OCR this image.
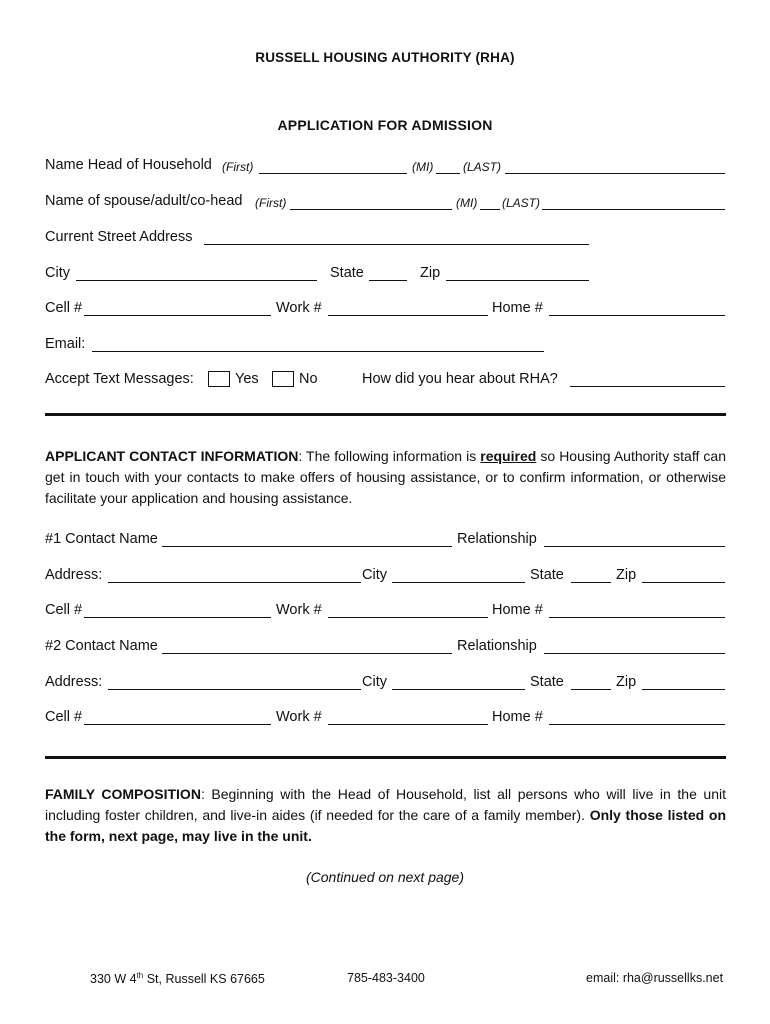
RUSSELL HOUSING AUTHORITY (RHA)
APPLICATION FOR ADMISSION
Name Head of Household (First)	(MI) (LAST)
Name of spouse/adult/co-head (First)	(MI) (LAST)
Current Street Address
City	State	Zip
Cell #	Work #	Home #
Email:
Accept Text Messages:	Yes	No	How did you hear about RHA?
APPLICANT CONTACT INFORMATION: The following information is required so Housing Authority staff can get in touch with your contacts to make offers of housing assistance, or to confirm information, or otherwise facilitate your application and housing assistance.
#1 Contact Name	Relationship
Address:	City	State	Zip
Cell #	Work #	Home #
#2 Contact Name	Relationship
Address:	City	State	Zip
Cell #	Work #	Home #
FAMILY COMPOSITION: Beginning with the Head of Household, list all persons who will live in the unit including foster children, and live-in aides (if needed for the care of a family member). Only those listed on the form, next page, may live in the unit.
(Continued on next page)
330 W 4th St, Russell KS 67665	785-483-3400	email: rha@russellks.net
